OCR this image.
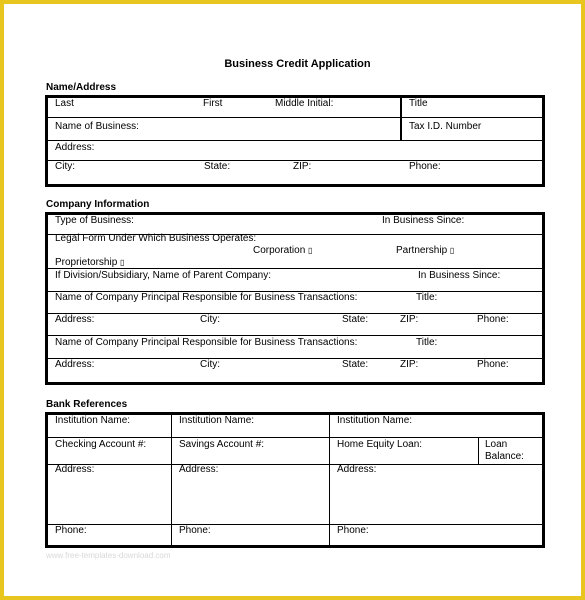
Business Credit Application
Name/Address
Last	First	Middle Initial:	Title
Name of Business:	Tax I.D. Number
Address:
City:	State:	ZIP:	Phone:
Company Information
Type of Business:	In Business Since:
Legal Form Under Which Business Operates:
Corporation ▯	Partnership ▯
Proprietorship ▯
If Division/Subsidiary, Name of Parent Company:	In Business Since:
Name of Company Principal Responsible for Business Transactions:	Title:
Address:	City:	State:	ZIP:	Phone:
Name of Company Principal Responsible for Business Transactions:	Title:
Address:	City:	State:	ZIP:	Phone:
Bank References
Institution Name:	Institution Name:	Institution Name:
Checking Account #:	Savings Account #:	Home Equity Loan:	Loan
Balance:
Address:	Address:	Address:
Phone:	Phone:	Phone:
www.free-templates-download.com
